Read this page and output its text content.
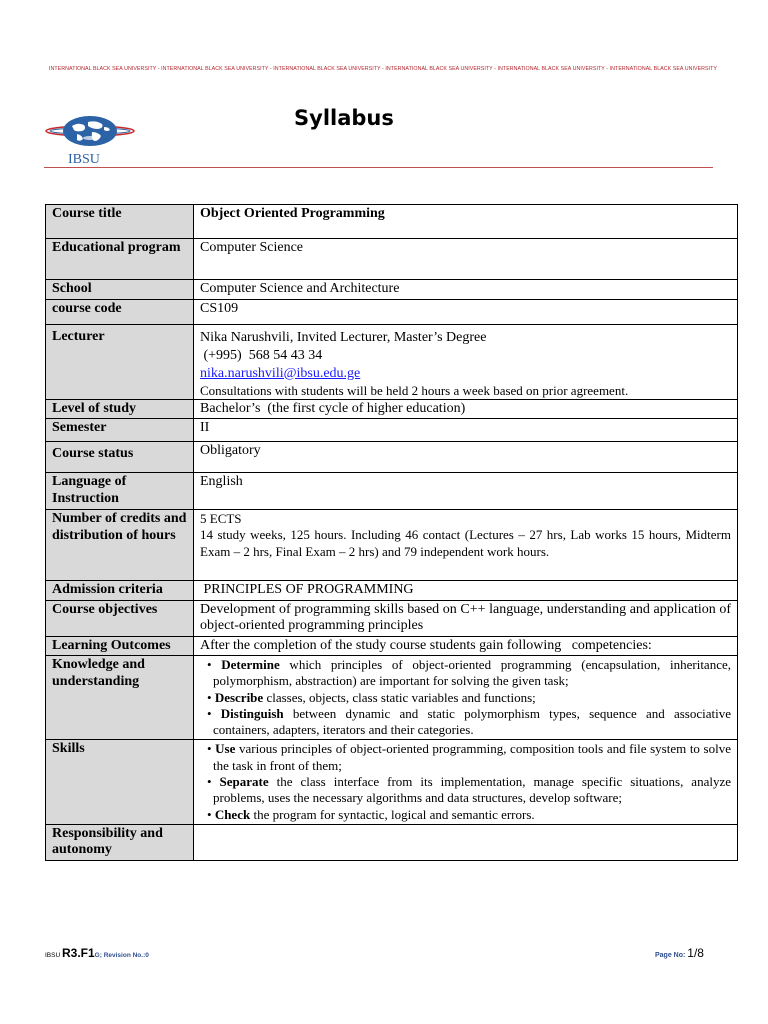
INTERNATIONAL BLACK SEA UNIVERSITY - INTERNATIONAL BLACK SEA UNIVERSITY - INTERNATIONAL BLACK SEA UNIVERSITY - INTERNATIONAL BLACK SEA UNIVERSITY - INTERNATIONAL BLACK SEA UNIVERSITY - INTERNATIONAL BLACK SEA UNIVERSITY
IBSU
Syllabus
Course title	Object Oriented Programming
Educational program	Computer Science
School	Computer Science and Architecture
course code	CS109
Lecturer	Nika Narushvili, Invited Lecturer, Master’s Degree
(+995)  568 54 43 34
nika.narushvili@ibsu.edu.ge
Consultations with students will be held 2 hours a week based on prior agreement.

Level of study	Bachelor’s  (the first cycle of higher education)
Semester	II
Course status	Obligatory
Language of Instruction	English
Number of credits and distribution of hours	5 ECTS
14 study weeks, 125 hours. Including 46 contact (Lectures – 27 hrs, Lab works 15 hours, Midterm Exam – 2 hrs, Final Exam – 2 hrs) and 79 independent work hours.

Admission criteria	PRINCIPLES OF PROGRAMMING
Course objectives	Development of programming skills based on C++ language, understanding and application of object-oriented programming principles
Learning Outcomes	After the completion of the study course students gain following   competencies:
Knowledge and understanding	• Determine which principles of object-oriented programming (encapsulation, inheritance, polymorphism, abstraction) are important for solving the given task;
• Describe classes, objects, class static variables and functions;
• Distinguish between dynamic and static polymorphism types, sequence and associative containers, adapters, iterators and their categories.

Skills	• Use various principles of object-oriented programming, composition tools and file system to solve the task in front of them;
• Separate the class interface from its implementation, manage specific situations, analyze problems, uses the necessary algorithms and data structures, develop software;
• Check the program for syntactic, logical and semantic errors.

Responsibility and autonomy	
IBSU R3.F1G; Revision No.:0	Page No: 1/8
